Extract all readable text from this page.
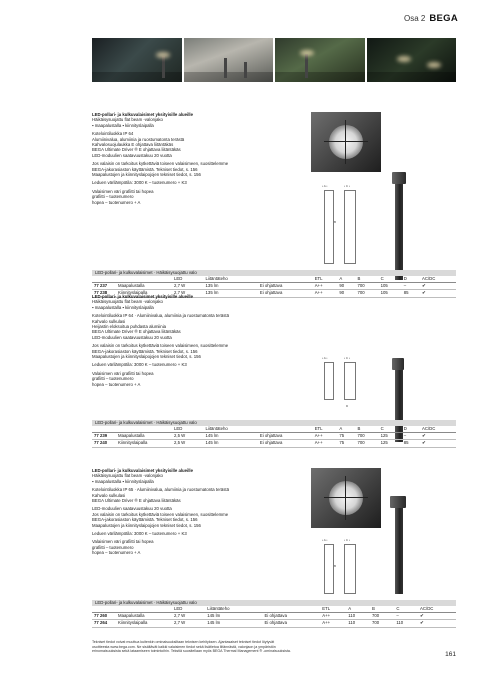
Osa 2 BEGA
LED-pollari- ja kulkuvalaisimet yksityisille alueille
Häikäisysuojattu flat beam -valonjako
▪ maapalustalla ▪ kiinnityslaipalla
Kotelointiluokka IP 64
Alumiinivalua, alumiinia ja ruostumatonta terästä
Kahvalosuojulaukka E ohjattava liitäntäkäs
BEGA Ultimate Driver ® E ohjattava liitäntäkäs
LED-moduulien saatavuustakuu 20 vuotta
Jos valaisin on tarkoitus kytkettäviä toiseen valaisimeen, suosittelemme
BEGA-jakorasiaston käyttämistä. Tekniset tiedot, s. 156
Maapalustojen ja kiinnityslaipojojen tekniset tiedot, s. 156
Leduen värilämpötila: 3000 K – tuotenumero + K3
Valaisimen väri grafiitti tai hopea
grafiitti – tuotenumero
hopea – tuotenumero + A
• A •	• C •
B
LED-pollari- ja kulkuvalaisimet · Häikäisysuojattu valo
		LED	Liitäntäteho		ETL	A	B	C	D	AC/DC
77 237	Maapalustalla	2,7 W	135 lm	Ei ohjattava	A++	90	700	105	–	✔
77 238	Kiinnityslaipalla	2,7 W	135 lm	Ei ohjattava	A++	90	700	105	85	✔
LED-pollari- ja kulkuvalaisimet yksityisille alueille
Häikäisysuojattu flat beam -valonjako
▪ maapalustalla ▪ kiinnityslaipalla
Kotelointiluokka IP 64 · Alumiinivalua, alumiinia ja ruostumatonta terästä
Kahvalo sulkulasi
Heijastin eloksoitua puhdasta alumiinia
BEGA Ultimate Driver ® E ohjattava liitäntäkäs
LED-moduulien saatavuustakuu 20 vuotta
Jos valaisin on tarkoitus kytkettäviä toiseen valaisimeen, suosittelemme
BEGA-jakorasiaston käyttämistä. Tekniset tiedot, s. 156
Maapalustojen ja kiinnityslaipojojen tekniset tiedot, s. 156
Leduen värilämpötila: 3000 K – tuotenumero + K3
Valaisimen väri grafiitti tai hopea
grafiitti – tuotenumero
hopea – tuotenumero + A
• A •	• C •
D
LED-pollari- ja kulkuvalaisimet · Häikäisysuojattu valo
		LED	Liitäntäteho		ETL	A	B	C	D	AC/DC
77 239	Maapalustalla	2,5 W	145 lm	Ei ohjattava	A++	75	700	125	–	✔
77 240	Kiinnityslaipalla	2,5 W	145 lm	Ei ohjattava	A++	75	700	125	85	✔
LED-pollari- ja kulkuvalaisimet yksityisille alueille
Häikäisysuojattu flat beam -valonjako
▪ maapalustalla ▪ kiinnityslaipalla
Kotelointiluokka IP 65 · Alumiinivalua, alumiinia ja ruostumatonta terästä
Kahvalo sulkulasi
BEGA Ultimate Driver ® E ohjattava liitäntäkäs
LED-moduulien saatavuustakuu 20 vuotta
Jos valaisin on tarkoitus kytkettäviä toiseen valaisimeen, suosittelemme
BEGA-jakorasiaston käyttämistä. Tekniset tiedot, s. 156
Maapalustojen ja kiinnityslaipojojen tekniset tiedot, s. 156
Leduen värilämpötila: 3000 K – tuotenumero + K3
Valaisimen väri grafiitti tai hopea
grafiitti – tuotenumero
hopea – tuotenumero + A
• A •	• C •
B
LED-pollari- ja kulkuvalaisimet · Häikäisysuojattu valo
		LED	Liitäntäteho		ETL	A	B	C	AC/DC
77 260	Maapalustalla	2,7 W	145 lm	Ei ohjattava	A++	110	700	–	✔
77 264	Kiinnityslaipalla	2,7 W	145 lm	Ei ohjattava	A++	110	700	110	✔
Tekniset tiedot voivat muuttua kuitenkin ominaisuuksiltaan teknisen kehityksen. Ajantasaiset tekniset tiedot löytyvät
osoitteesta www.bega.com. Ne sisältävät kaikki valaisimen tiedot sekä lisätietoa liitännästä, valonjaon ja ympäristön
erinomaisuuksista sekä lataamiseen toimintoihin. Tekstiä suositellaan myös BEGA Thermal Management ® -ominaisuuksista.	161
